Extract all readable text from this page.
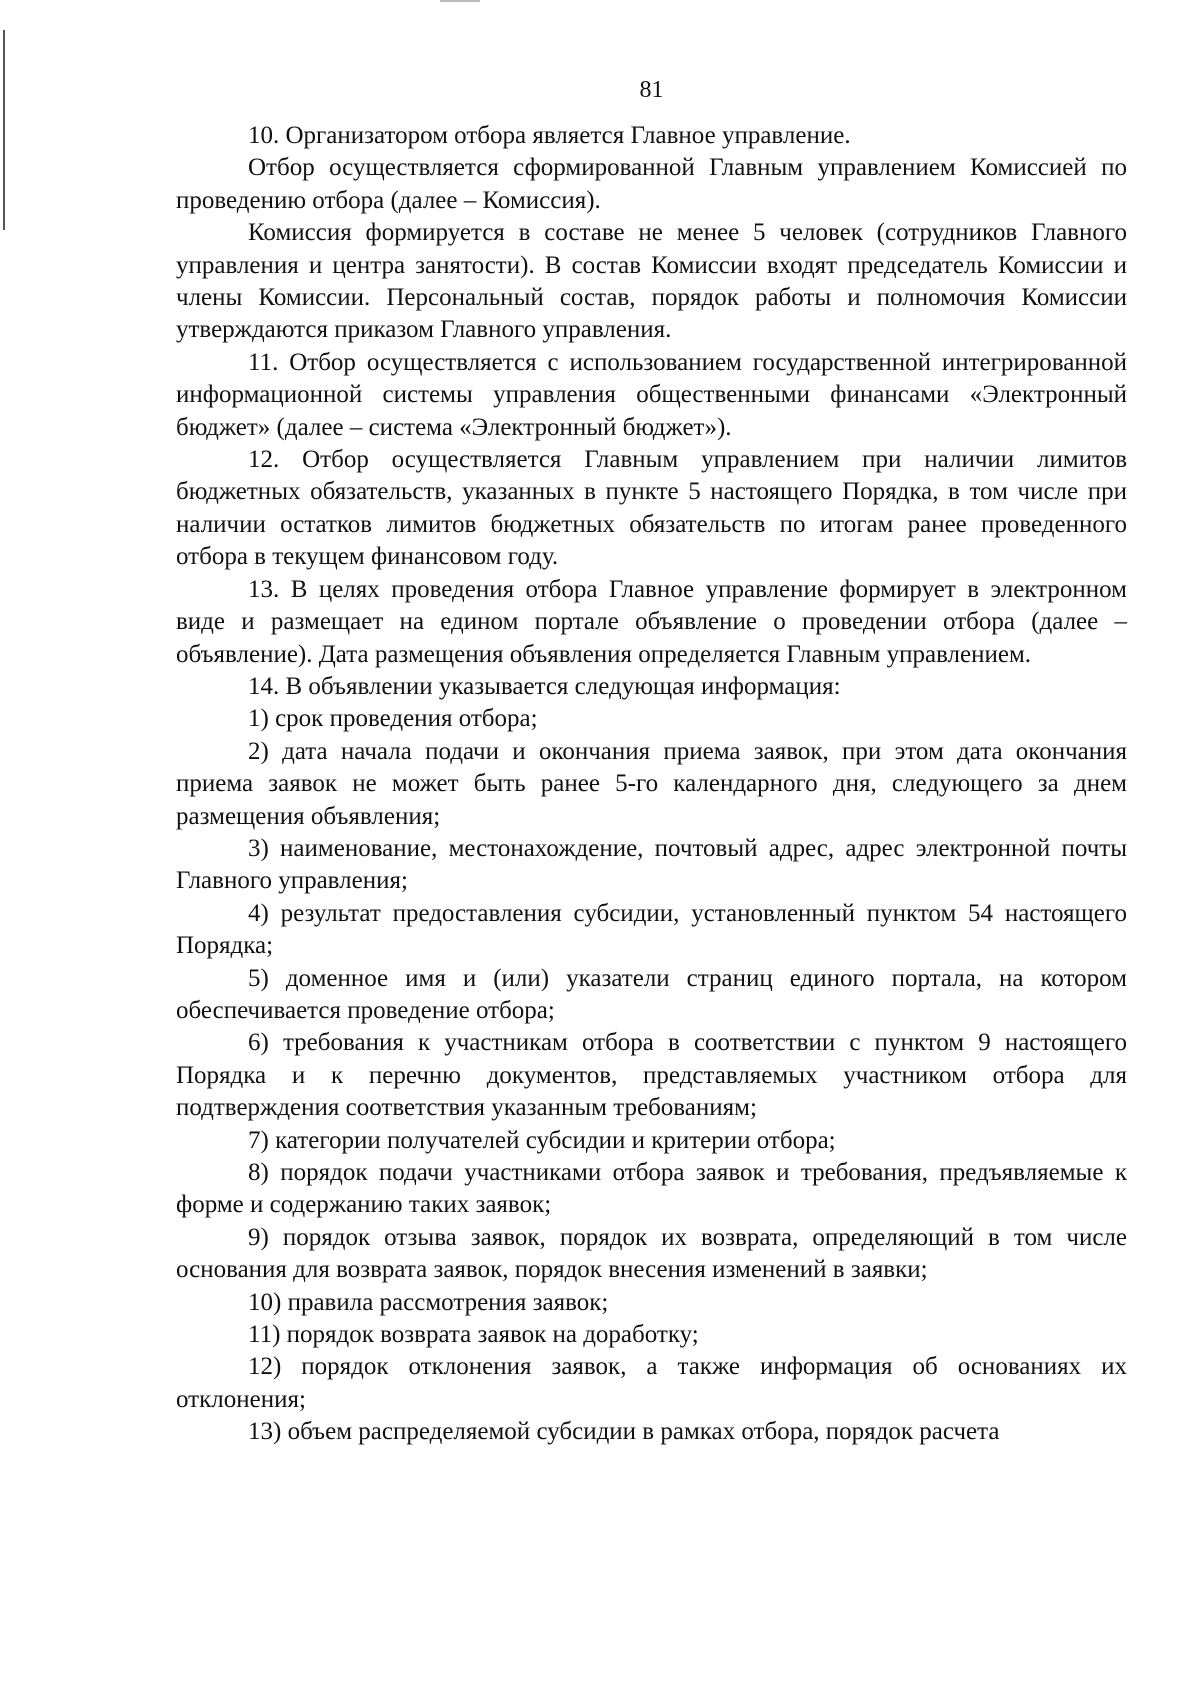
81

10. Организатором отбора является Главное управление.

Отбор осуществляется сформированной Главным управлением Комиссией по проведению отбора (далее – Комиссия).

Комиссия формируется в составе не менее 5 человек (сотрудников Главного управления и центра занятости). В состав Комиссии входят председатель Комиссии и члены Комиссии. Персональный состав, порядок работы и полномочия Комиссии утверждаются приказом Главного управления.

11. Отбор осуществляется с использованием государственной интегрированной информационной системы управления общественными финансами «Электронный бюджет» (далее – система «Электронный бюджет»).

12. Отбор осуществляется Главным управлением при наличии лимитов бюджетных обязательств, указанных в пункте 5 настоящего Порядка, в том числе при наличии остатков лимитов бюджетных обязательств по итогам ранее проведенного отбора в текущем финансовом году.

13. В целях проведения отбора Главное управление формирует в электронном виде и размещает на едином портале объявление о проведении отбора (далее – объявление). Дата размещения объявления определяется Главным управлением.

14. В объявлении указывается следующая информация:

1) срок проведения отбора;

2) дата начала подачи и окончания приема заявок, при этом дата окончания приема заявок не может быть ранее 5-го календарного дня, следующего за днем размещения объявления;

3) наименование, местонахождение, почтовый адрес, адрес электронной почты Главного управления;

4) результат предоставления субсидии, установленный пунктом 54 настоящего Порядка;

5) доменное имя и (или) указатели страниц единого портала, на котором обеспечивается проведение отбора;

6) требования к участникам отбора в соответствии с пунктом 9 настоящего Порядка и к перечню документов, представляемых участником отбора для подтверждения соответствия указанным требованиям;

7) категории получателей субсидии и критерии отбора;

8) порядок подачи участниками отбора заявок и требования, предъявляемые к форме и содержанию таких заявок;

9) порядок отзыва заявок, порядок их возврата, определяющий в том числе основания для возврата заявок, порядок внесения изменений в заявки;

10) правила рассмотрения заявок;

11) порядок возврата заявок на доработку;

12) порядок отклонения заявок, а также информация об основаниях их отклонения;

13) объем распределяемой субсидии в рамках отбора, порядок расчета
